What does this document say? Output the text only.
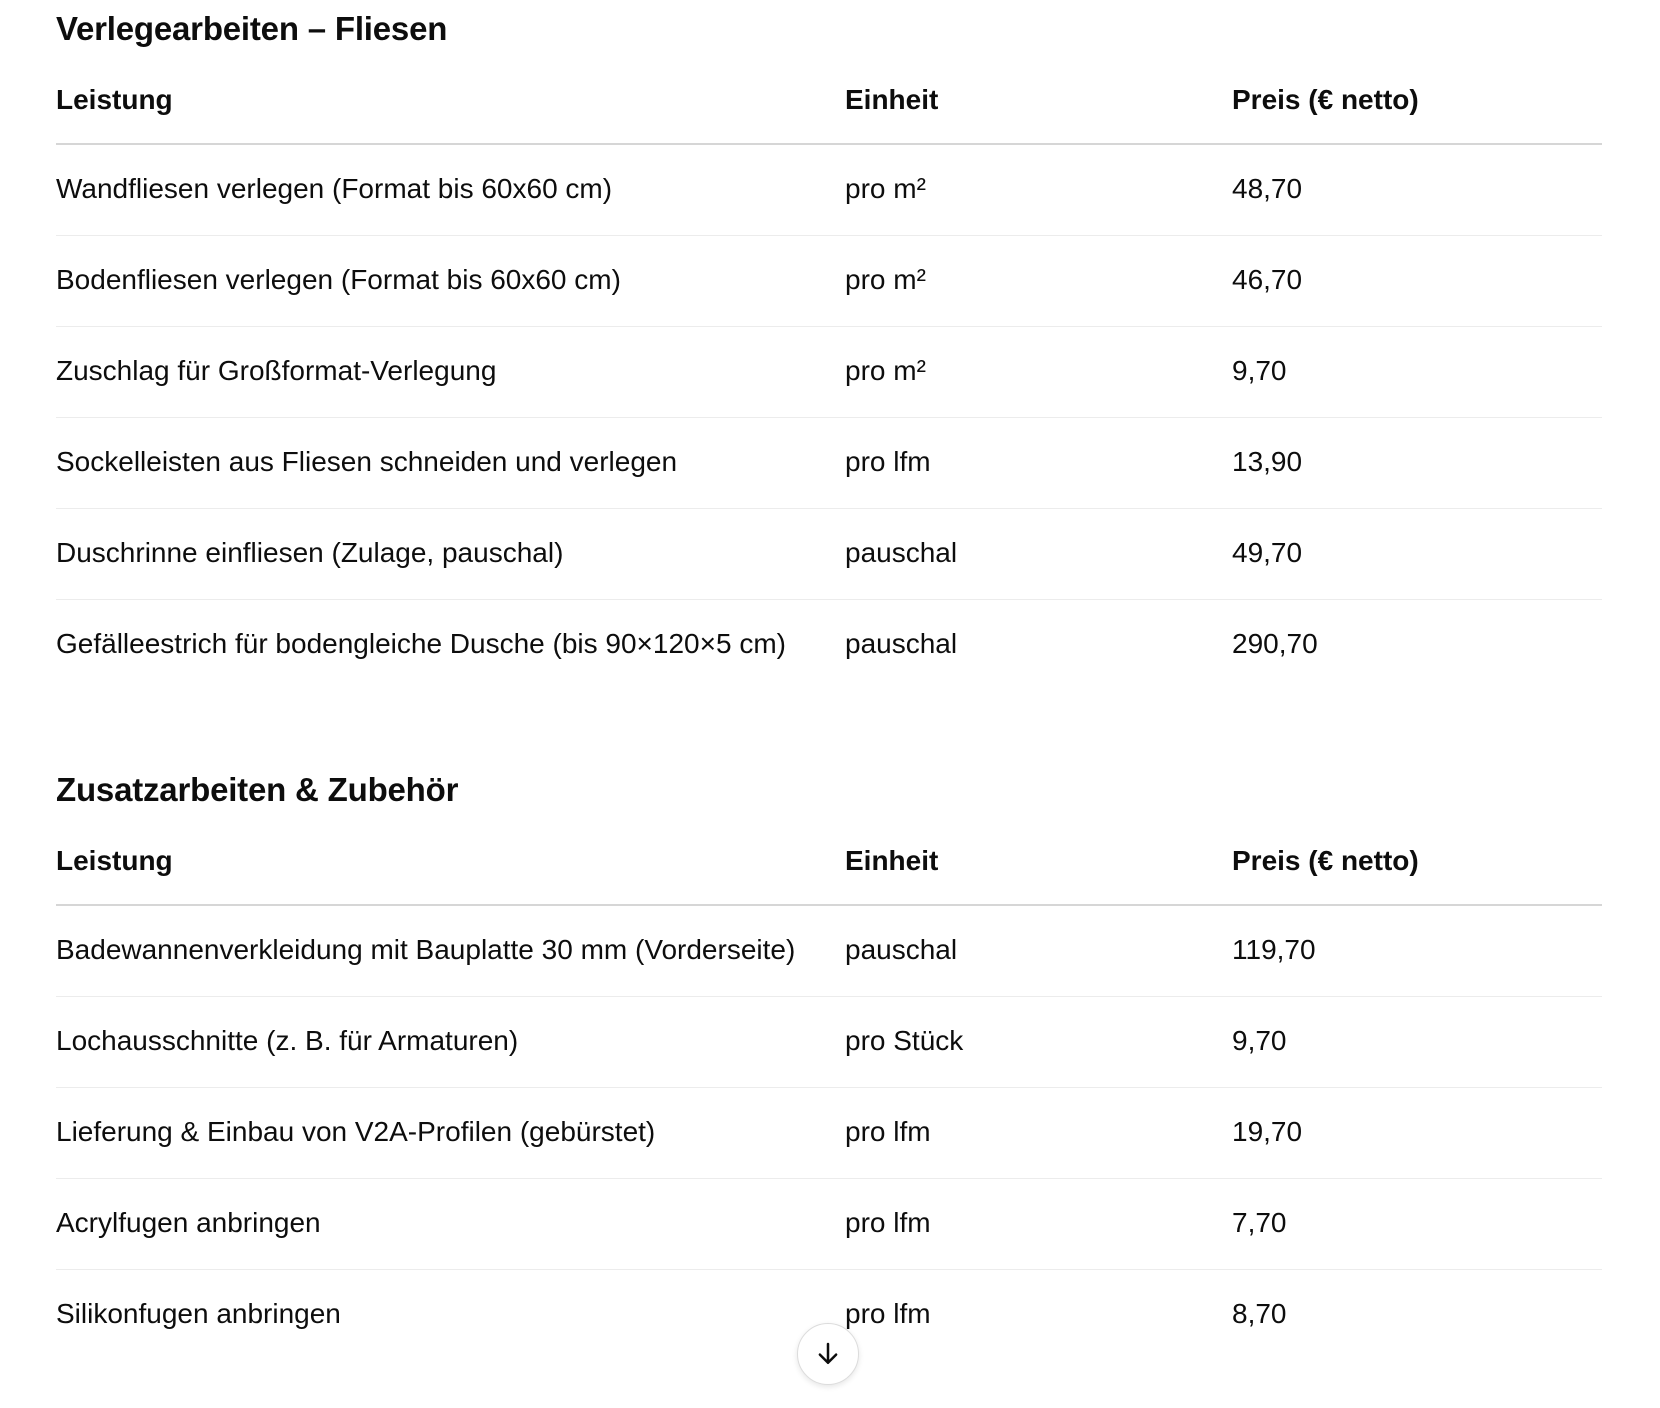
Verlegearbeiten – Fliesen
Leistung	Einheit	Preis (€ netto)
Wandfliesen verlegen (Format bis 60x60 cm)	pro m²	48,70
Bodenfliesen verlegen (Format bis 60x60 cm)	pro m²	46,70
Zuschlag für Großformat-Verlegung	pro m²	9,70
Sockelleisten aus Fliesen schneiden und verlegen	pro lfm	13,90
Duschrinne einfliesen (Zulage, pauschal)	pauschal	49,70
Gefälleestrich für bodengleiche Dusche (bis 90×120×5 cm)	pauschal	290,70
Zusatzarbeiten & Zubehör
Leistung	Einheit	Preis (€ netto)
Badewannenverkleidung mit Bauplatte 30 mm (Vorderseite)	pauschal	119,70
Lochausschnitte (z. B. für Armaturen)	pro Stück	9,70
Lieferung & Einbau von V2A-Profilen (gebürstet)	pro lfm	19,70
Acrylfugen anbringen	pro lfm	7,70
Silikonfugen anbringen	pro lfm	8,70
